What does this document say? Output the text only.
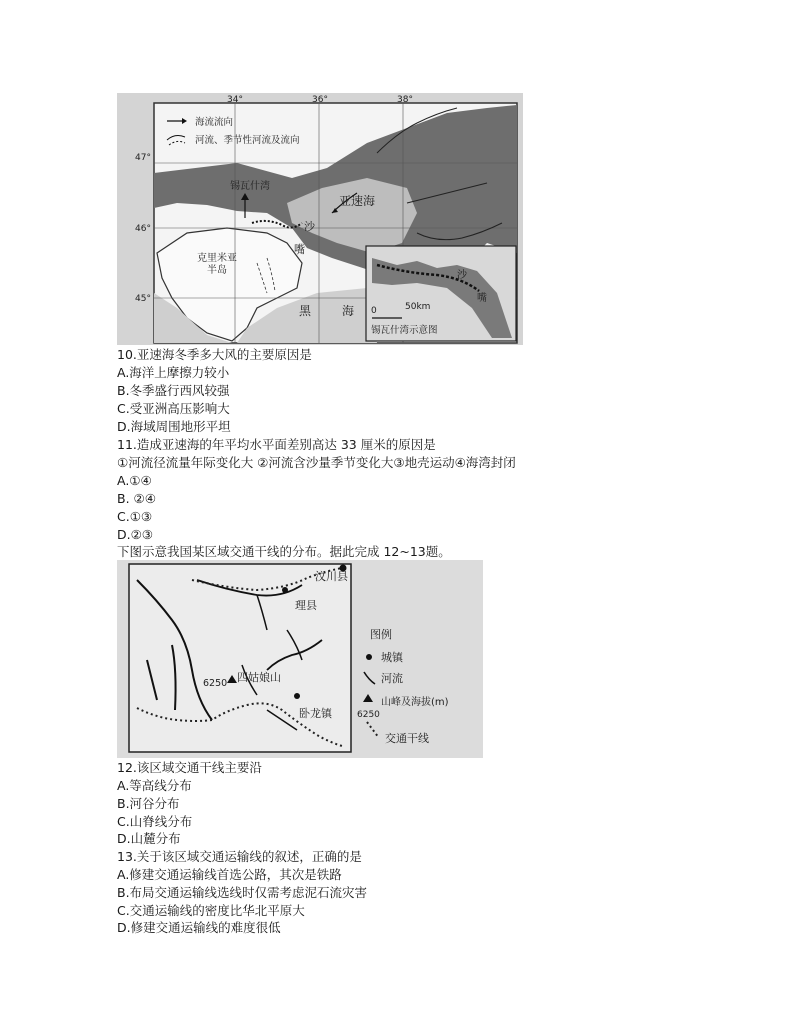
海流流向
河流、季节性河流及流向
34°	36°	38°
47°
46°
45°
锡瓦什湾
亚速海
沙
嘴
克里米亚
半岛
黑	海
沙
嘴
0	50km
锡瓦什湾示意图
10.亚速海冬季多大风的主要原因是
A.海洋上摩擦力较小
B.冬季盛行西风较强
C.受亚洲高压影响大
D.海域周围地形平坦
11.造成亚速海的年平均水平面差别高达 33 厘米的原因是
①河流径流量年际变化大 ②河流含沙量季节变化大③地壳运动④海湾封闭
A.①④
B. ②④
C.①③
D.②③
下图示意我国某区域交通干线的分布。据此完成 12~13题。
汶川县
理县
卧龙镇
6250 四姑娘山
图例
城镇
河流
山峰及海拔(m)
6250
交通干线
12.该区域交通干线主要沿
A.等高线分布
B.河谷分布
C.山脊线分布
D.山麓分布
13.关于该区域交通运输线的叙述，正确的是
A.修建交通运输线首选公路，其次是铁路
B.布局交通运输线选线时仅需考虑泥石流灾害
C.交通运输线的密度比华北平原大
D.修建交通运输线的难度很低
